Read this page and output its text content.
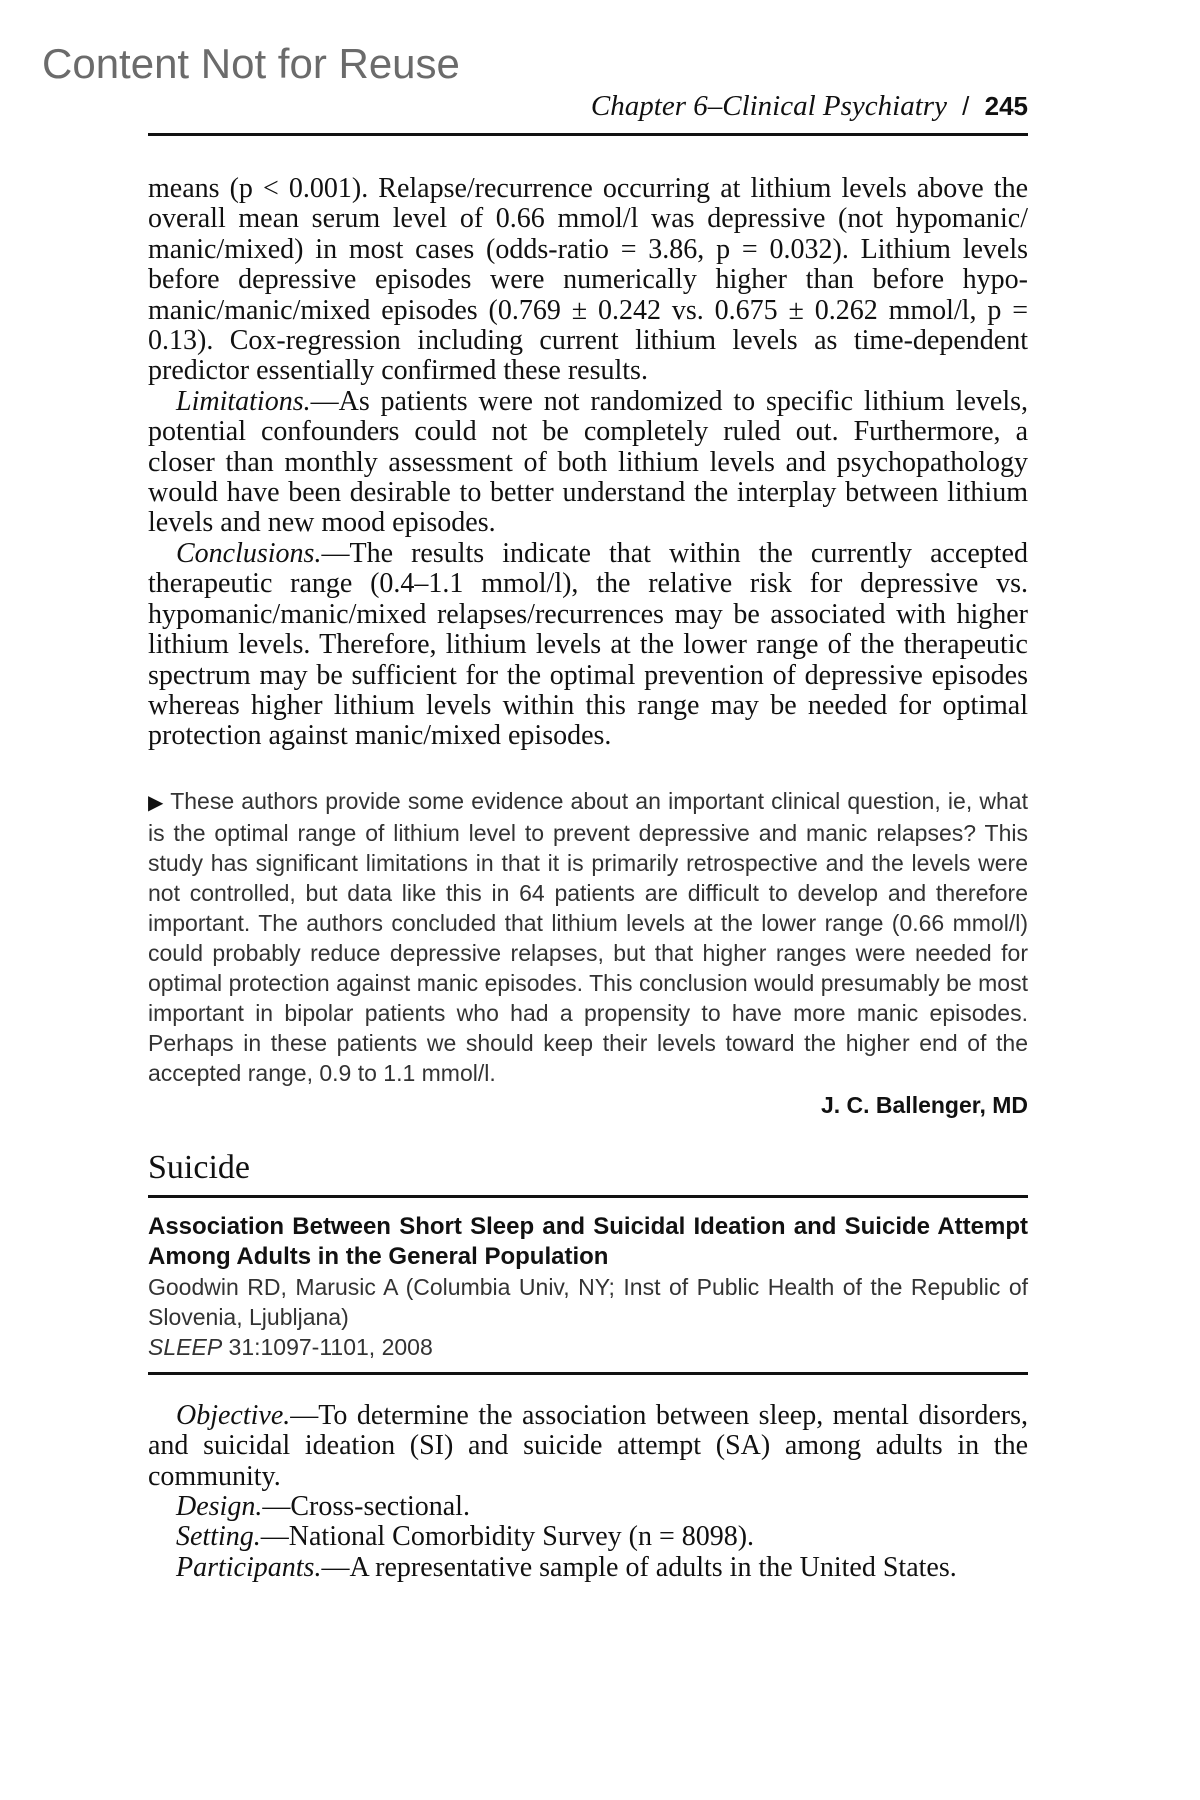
Content Not for Reuse
Chapter 6–Clinical Psychiatry / 245

means (p < 0.001). Relapse/recurrence occurring at lithium levels above the overall mean serum level of 0.66 mmol/l was depressive (not hypomanic/ manic/mixed) in most cases (odds-ratio = 3.86, p = 0.032). Lithium levels before depressive episodes were numerically higher than before hypomanic/manic/mixed episodes (0.769 ± 0.242 vs. 0.675 ± 0.262 mmol/l, p = 0.13). Cox-regression including current lithium levels as time-dependent predictor essentially confirmed these results.

Limitations.—As patients were not randomized to specific lithium levels, potential confounders could not be completely ruled out. Furthermore, a closer than monthly assessment of both lithium levels and psychopathology would have been desirable to better understand the interplay between lithium levels and new mood episodes.

Conclusions.—The results indicate that within the currently accepted therapeutic range (0.4–1.1 mmol/l), the relative risk for depressive vs. hypomanic/manic/mixed relapses/recurrences may be associated with higher lithium levels. Therefore, lithium levels at the lower range of the therapeutic spectrum may be sufficient for the optimal prevention of depressive episodes whereas higher lithium levels within this range may be needed for optimal protection against manic/mixed episodes.

▶ These authors provide some evidence about an important clinical question, ie, what is the optimal range of lithium level to prevent depressive and manic relapses? This study has significant limitations in that it is primarily retrospective and the levels were not controlled, but data like this in 64 patients are difficult to develop and therefore important. The authors concluded that lithium levels at the lower range (0.66 mmol/l) could probably reduce depressive relapses, but that higher ranges were needed for optimal protection against manic episodes. This conclusion would presumably be most important in bipolar patients who had a propensity to have more manic episodes. Perhaps in these patients we should keep their levels toward the higher end of the accepted range, 0.9 to 1.1 mmol/l.
J. C. Ballenger, MD
Suicide
Association Between Short Sleep and Suicidal Ideation and Suicide Attempt Among Adults in the General Population
Goodwin RD, Marusic A (Columbia Univ, NY; Inst of Public Health of the Republic of Slovenia, Ljubljana)
SLEEP 31:1097-1101, 2008

Objective.—To determine the association between sleep, mental disorders, and suicidal ideation (SI) and suicide attempt (SA) among adults in the community.

Design.—Cross-sectional.

Setting.—National Comorbidity Survey (n = 8098).

Participants.—A representative sample of adults in the United States.
